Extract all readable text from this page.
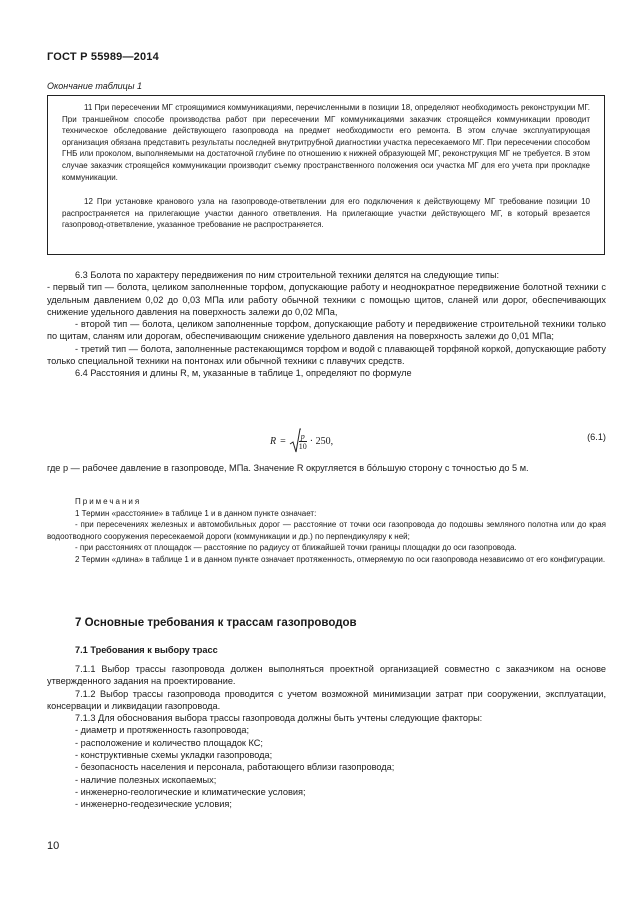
ГОСТ Р 55989—2014
Окончание таблицы 1

11 При пересечении МГ строящимися коммуникациями, перечисленными в позиции 18, определяют необходимость реконструкции МГ. При траншейном способе производства работ при пересечении МГ коммуникациями заказчик строящейся коммуникации проводит техническое обследование действующего газопровода на предмет необходимости его ремонта. В этом случае эксплуатирующая организация обязана представить результаты последней внутритрубной диагностики участка пересекаемого МГ. При пересечении способом ГНБ или проколом, выполняемыми на достаточной глубине по отношению к нижней образующей МГ, реконструкция МГ не требуется. В этом случае заказчик строящейся коммуникации производит съемку пространственного положения оси участка МГ для его учета при прокладке коммуникации.

12 При установке кранового узла на газопроводе-ответвлении для его подключения к действующему МГ требование позиции 10 распространяется на прилегающие участки данного ответвления. На прилегающие участки действующего МГ, в который врезается газопровод-ответвление, указанное требование не распространяется.

6.3 Болота по характеру передвижения по ним строительной техники делятся на следующие типы:

- первый тип — болота, целиком заполненные торфом, допускающие работу и неоднократное передвижение болотной техники с удельным давлением 0,02 до 0,03 МПа или работу обычной техники с помощью щитов, сланей или дорог, обеспечивающих снижение удельного давления на поверхность залежи до 0,02 МПа,

- второй тип — болота, целиком заполненные торфом, допускающие работу и передвижение строительной техники только по щитам, сланям или дорогам, обеспечивающим снижение удельного давления на поверхность залежи до 0,01 МПа;

- третий тип — болота, заполненные растекающимся торфом и водой с плавающей торфяной коркой, допускающие работу только специальной техники на понтонах или обычной техники с плавучих средств.

6.4 Расстояния и длины R, м, указанные в таблице 1, определяют по формуле

$R = \frac{p}{10} \cdot 250$,	(6.1)

где p — рабочее давление в газопроводе, МПа. Значение R округляется в бо́льшую сторону с точностью до 5 м.

Примечания

1 Термин «расстояние» в таблице 1 и в данном пункте означает:

- при пересечениях железных и автомобильных дорог — расстояние от точки оси газопровода до подошвы земляного полотна или до края водоотводного сооружения пересекаемой дороги (коммуникации и др.) по перпендикуляру к ней;

- при расстояниях от площадок — расстояние по радиусу от ближайшей точки границы площадки до оси газопровода.

2 Термин «длина» в таблице 1 и в данном пункте означает протяженность, отмеряемую по оси газопровода независимо от его конфигурации.

7 Основные требования к трассам газопроводов
7.1 Требования к выбору трасс

7.1.1 Выбор трассы газопровода должен выполняться проектной организацией совместно с заказчиком на основе утвержденного задания на проектирование.

7.1.2 Выбор трассы газопровода проводится с учетом возможной минимизации затрат при сооружении, эксплуатации, консервации и ликвидации газопровода.

7.1.3 Для обоснования выбора трассы газопровода должны быть учтены следующие факторы:

- диаметр и протяженность газопровода;

- расположение и количество площадок КС;

- конструктивные схемы укладки газопровода;

- безопасность населения и персонала, работающего вблизи газопровода;

- наличие полезных ископаемых;

- инженерно-геологические и климатические условия;

- инженерно-геодезические условия;

10
